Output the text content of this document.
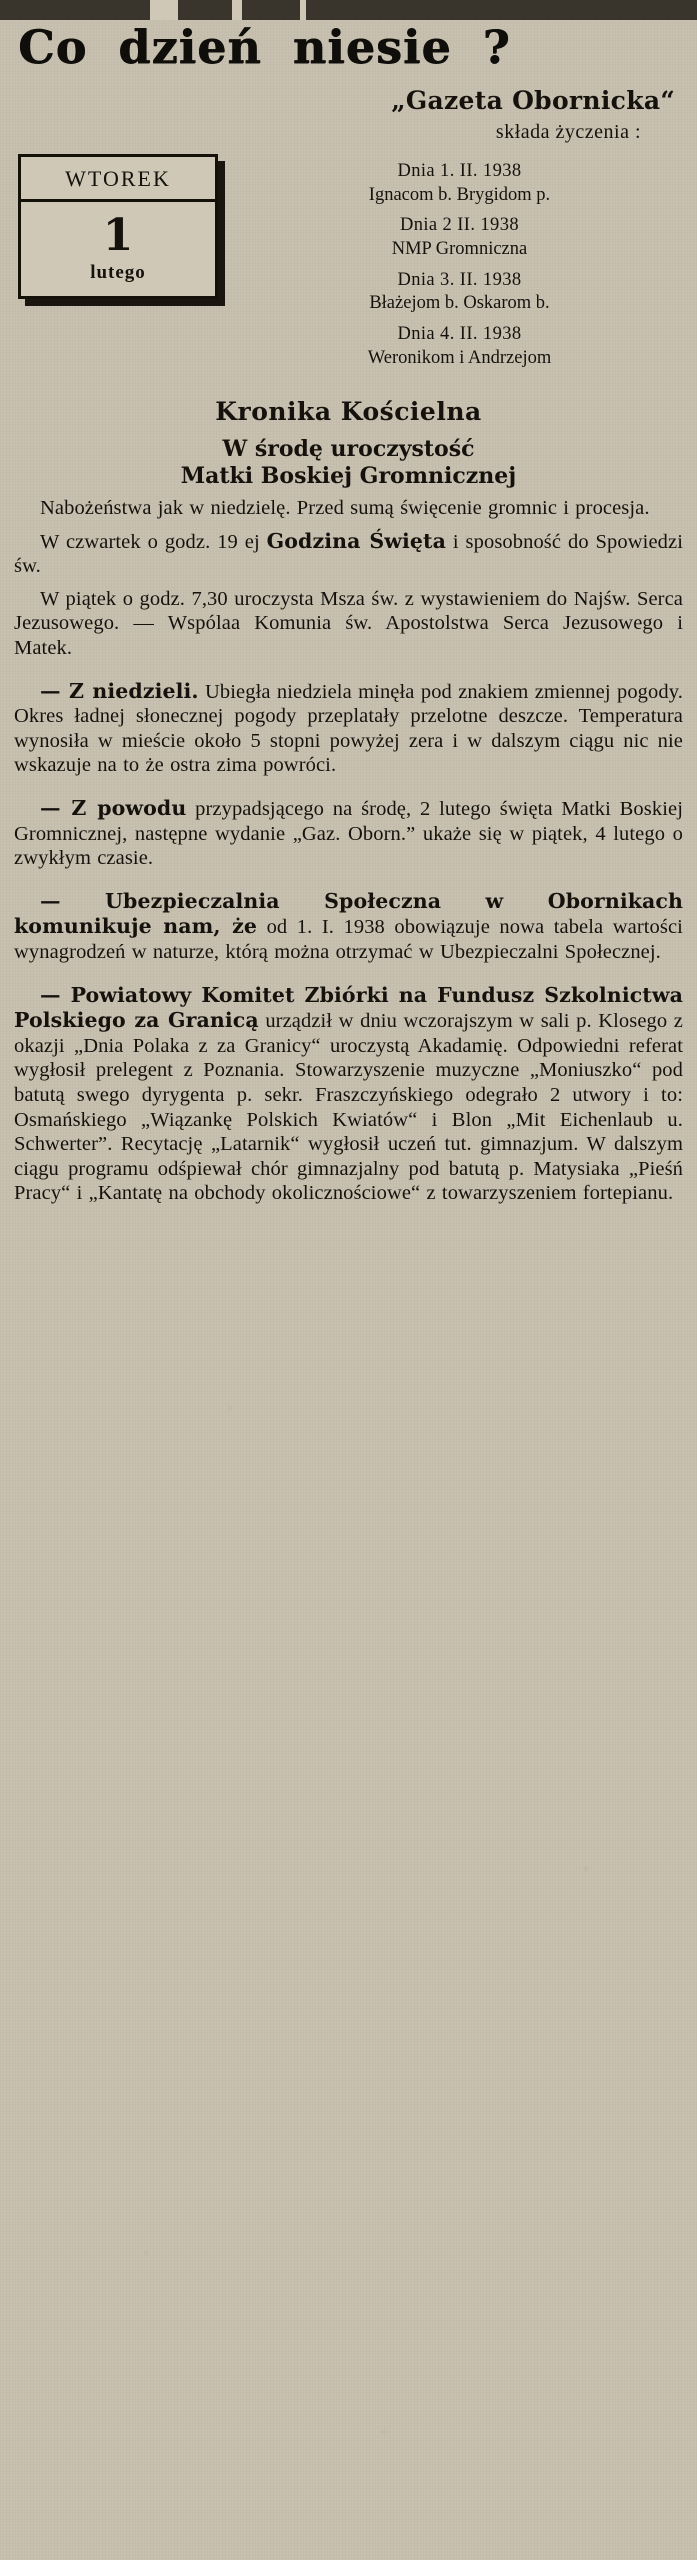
Co dzień niesie ?
„Gazeta Obornicka“
składa życzenia :
WTOREK
1
lutego
Dnia 1. II. 1938
Ignacom b. Brygidom p.
Dnia 2 II. 1938
NMP Gromniczna
Dnia 3. II. 1938
Błażejom b. Oskarom b.
Dnia 4. II. 1938
Weronikom i Andrzejom
Kronika Kościelna
W środę uroczystość
Matki Boskiej Gromnicznej

Nabożeństwa jak w niedzielę. Przed sumą święcenie gromnic i procesja.

W czwartek o godz. 19 ej Godzina Święta i sposobność do Spowiedzi św.

W piątek o godz. 7,30 uroczysta Msza św. z wystawieniem do Najśw. Serca Jezusowego. — Wspólaa Komunia św. Apostolstwa Serca Jezusowego i Matek.

— Z niedzieli. Ubiegła niedziela minęła pod znakiem zmiennej pogody. Okres ładnej słonecznej pogody przeplatały przelotne deszcze. Temperatura wynosiła w mieście około 5 stopni powyżej zera i w dalszym ciągu nic nie wskazuje na to że ostra zima powróci.

— Z powodu przypadsjącego na środę, 2 lutego święta Matki Boskiej Gromnicznej, następne wydanie „Gaz. Oborn.” ukaże się w piątek, 4 lutego o zwykłym czasie.

— Ubezpieczalnia Społeczna w Obornikach komunikuje nam, że od 1. I. 1938 obowiązuje nowa tabela wartości wynagrodzeń w naturze, którą można otrzymać w Ubezpieczalni Społecznej.

— Powiatowy Komitet Zbiórki na Fundusz Szkolnictwa Polskiego za Granicą urządził w dniu wczorajszym w sali p. Klosego z okazji „Dnia Polaka z za Granicy“ uroczystą Akadamię. Odpowiedni referat wygłosił prelegent z Poznania. Stowarzyszenie muzyczne „Moniuszko“ pod batutą swego dyrygenta p. sekr. Fraszczyńskiego odegrało 2 utwory i to: Osmańskiego „Wiązankę Polskich Kwiatów“ i Blon „Mit Eichenlaub u. Schwerter”. Recytację „Latarnik“ wygłosił uczeń tut. gimnazjum. W dalszym ciągu programu odśpiewał chór gimnazjalny pod batutą p. Matysiaka „Pieśń Pracy“ i „Kantatę na obchody okolicznościowe“ z towarzyszeniem fortepianu.
